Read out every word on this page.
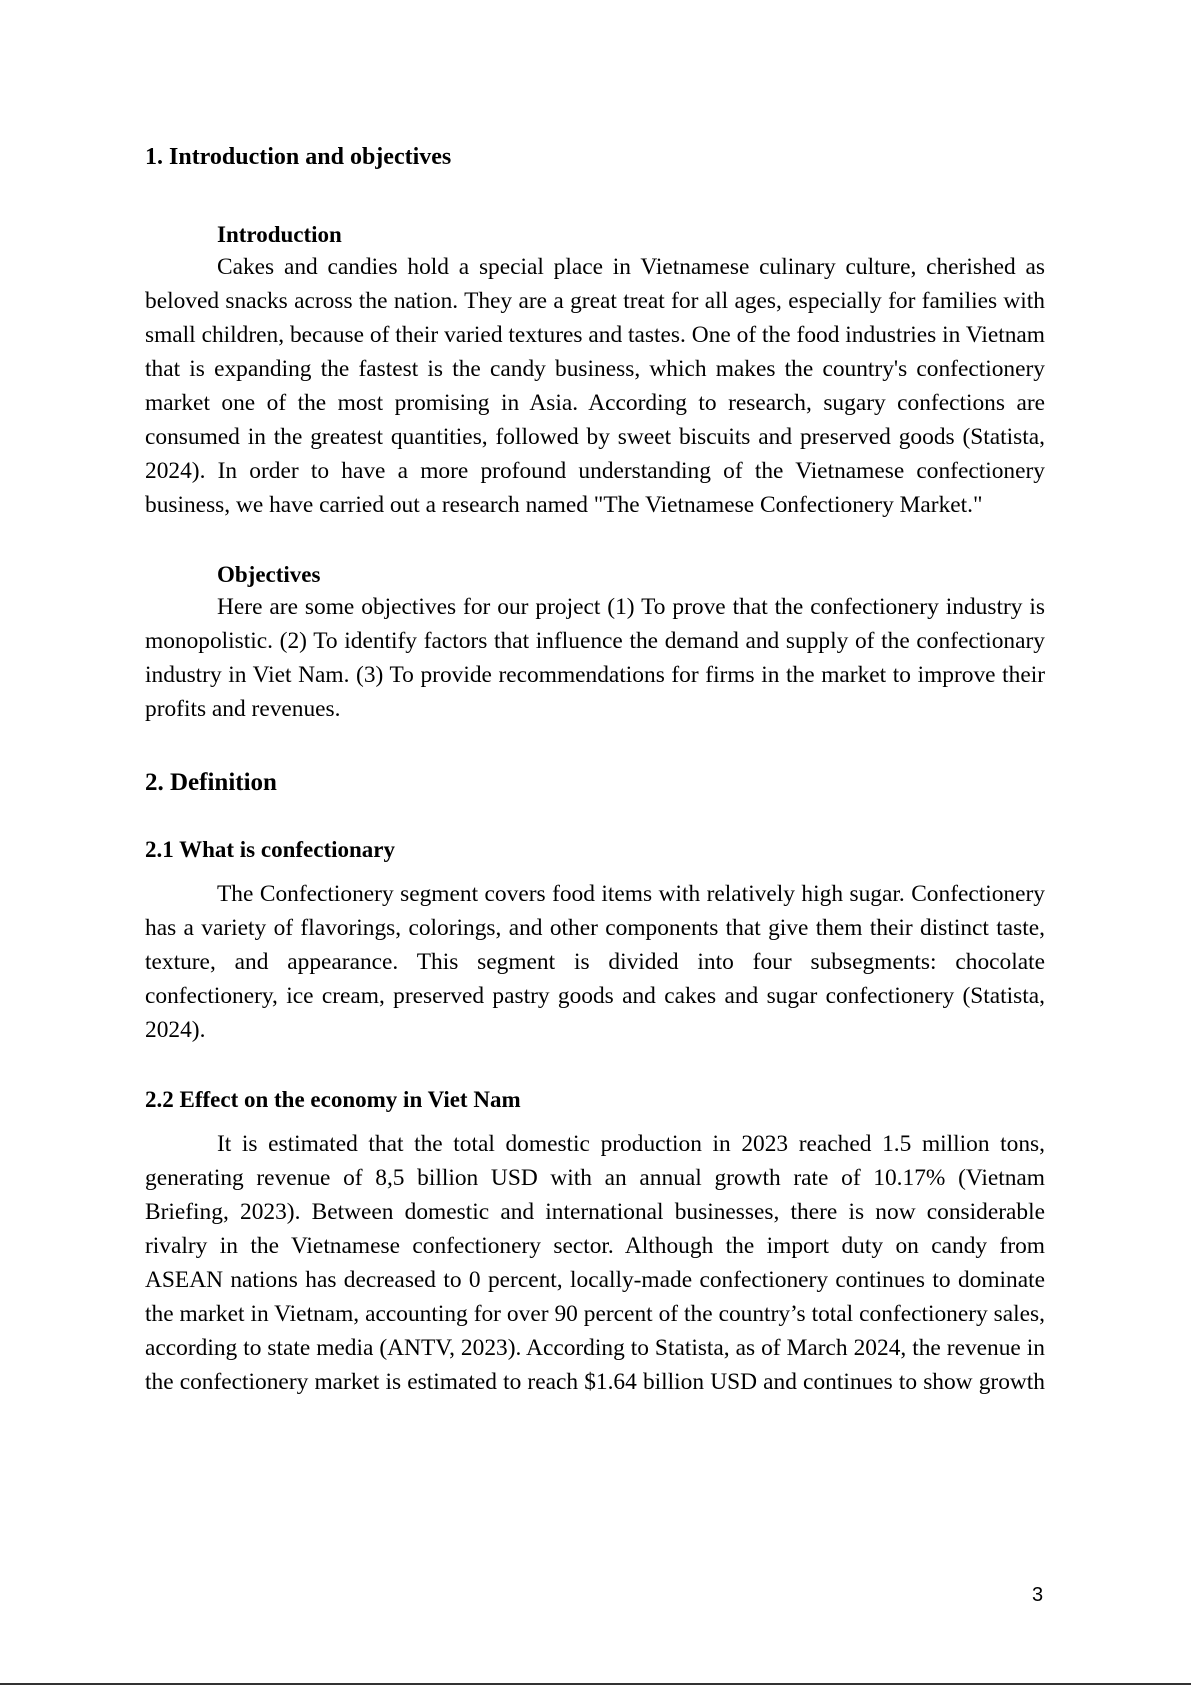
1. Introduction and objectives
Introduction

Cakes and candies hold a special place in Vietnamese culinary culture, cherished as beloved snacks across the nation. They are a great treat for all ages, especially for families with small children, because of their varied textures and tastes. One of the food industries in Vietnam that is expanding the fastest is the candy business, which makes the country's confectionery market one of the most promising in Asia. According to research, sugary confections are consumed in the greatest quantities, followed by sweet biscuits and preserved goods (Statista, 2024). In order to have a more profound understanding of the Vietnamese confectionery business, we have carried out a research named "The Vietnamese Confectionery Market."

Objectives

Here are some objectives for our project (1) To prove that the confectionery industry is monopolistic. (2) To identify factors that influence the demand and supply of the confectionary industry in Viet Nam. (3) To provide recommendations for firms in the market to improve their profits and revenues.

2. Definition
2.1 What is confectionary

The Confectionery segment covers food items with relatively high sugar. Confectionery has a variety of flavorings, colorings, and other components that give them their distinct taste, texture, and appearance. This segment is divided into four subsegments: chocolate confectionery, ice cream, preserved pastry goods and cakes and sugar confectionery (Statista, 2024).

2.2 Effect on the economy in Viet Nam

It is estimated that the total domestic production in 2023 reached 1.5 million tons, generating revenue of 8,5 billion USD with an annual growth rate of 10.17% (Vietnam Briefing, 2023). Between domestic and international businesses, there is now considerable rivalry in the Vietnamese confectionery sector. Although the import duty on candy from ASEAN nations has decreased to 0 percent, locally-made confectionery continues to dominate the market in Vietnam, accounting for over 90 percent of the country’s total confectionery sales, according to state media (ANTV, 2023). According to Statista, as of March 2024, the revenue in the confectionery market is estimated to reach $1.64 billion USD and continues to show growth

3
